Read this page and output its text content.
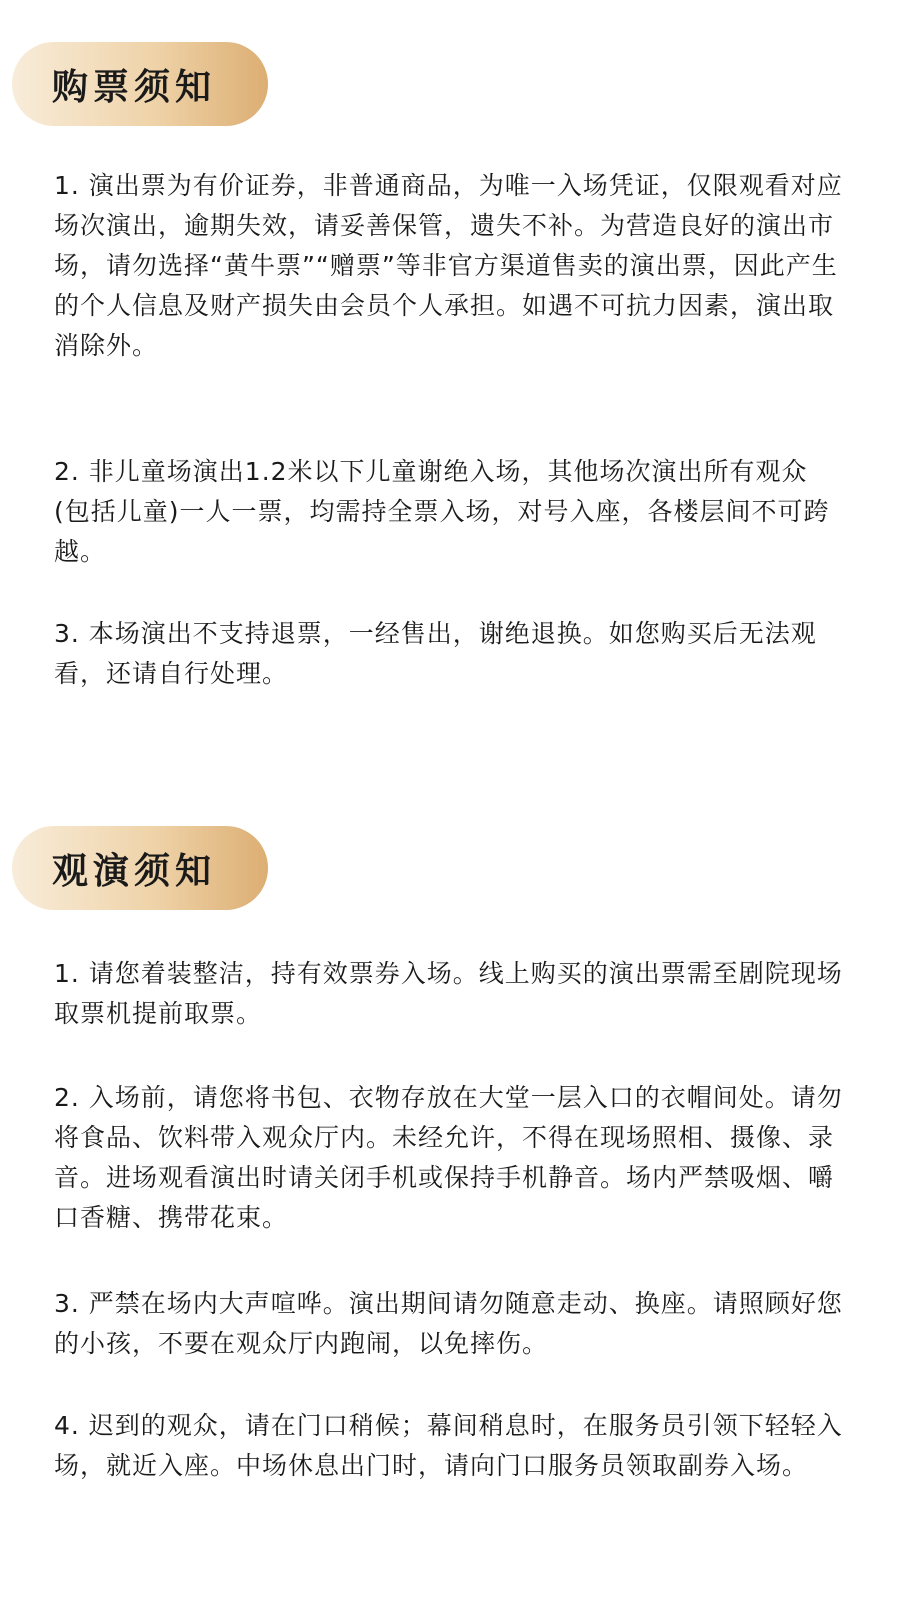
购票须知

1. 演出票为有价证券，非普通商品，为唯一入场凭证，仅限观看对应场次演出，逾期失效，请妥善保管，遗失不补。为营造良好的演出市场，请勿选择“黄牛票”“赠票”等非官方渠道售卖的演出票，因此产生的个人信息及财产损失由会员个人承担。如遇不可抗力因素，演出取消除外。

2. 非儿童场演出1.2米以下儿童谢绝入场，其他场次演出所有观众(包括儿童)一人一票，均需持全票入场，对号入座，各楼层间不可跨越。

3. 本场演出不支持退票，一经售出，谢绝退换。如您购买后无法观看，还请自行处理。

观演须知

1. 请您着装整洁，持有效票券入场。线上购买的演出票需至剧院现场取票机提前取票。

2. 入场前，请您将书包、衣物存放在大堂一层入口的衣帽间处。请勿将食品、饮料带入观众厅内。未经允许，不得在现场照相、摄像、录音。进场观看演出时请关闭手机或保持手机静音。场内严禁吸烟、嚼口香糖、携带花束。

3. 严禁在场内大声喧哗。演出期间请勿随意走动、换座。请照顾好您的小孩，不要在观众厅内跑闹，以免摔伤。

4. 迟到的观众，请在门口稍候；幕间稍息时，在服务员引领下轻轻入场，就近入座。中场休息出门时，请向门口服务员领取副券入场。
